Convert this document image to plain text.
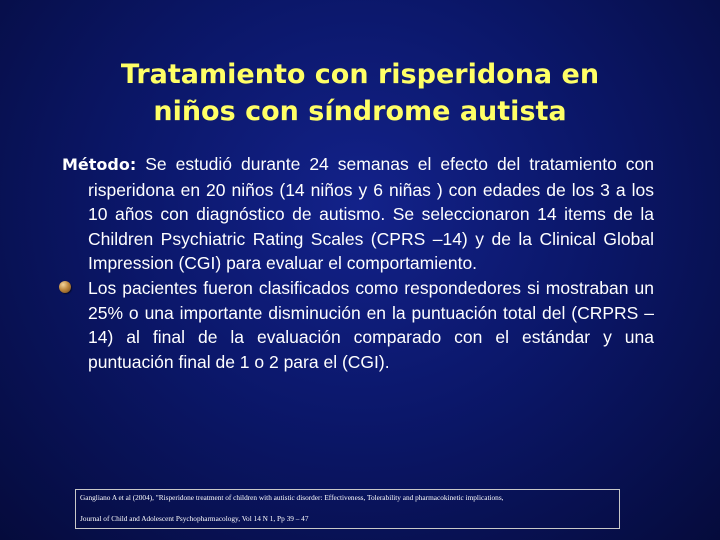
Tratamiento con risperidona en
niños con síndrome autista

Método: Se estudió durante 24 semanas el efecto del tratamiento con risperidona en 20 niños (14 niños y 6 niñas ) con edades de los 3 a los 10 años con diagnóstico de autismo. Se seleccionaron 14 items de la Children Psychiatric Rating Scales (CPRS –14) y de la Clinical Global Impression (CGI) para evaluar el comportamiento.

Los pacientes fueron clasificados como respondedores si mostraban un 25% o una importante disminución en la puntuación total del (CRPRS –14) al final de la evaluación comparado con el estándar y una puntuación final de 1 o 2 para el (CGI).

Gangliano A et al (2004), "Risperidone treatment of children with autistic disorder: Effectiveness, Tolerability and pharmacokinetic implications,
Journal of Child and Adolescent Psychopharmacology, Vol 14 N 1, Pp 39 – 47
